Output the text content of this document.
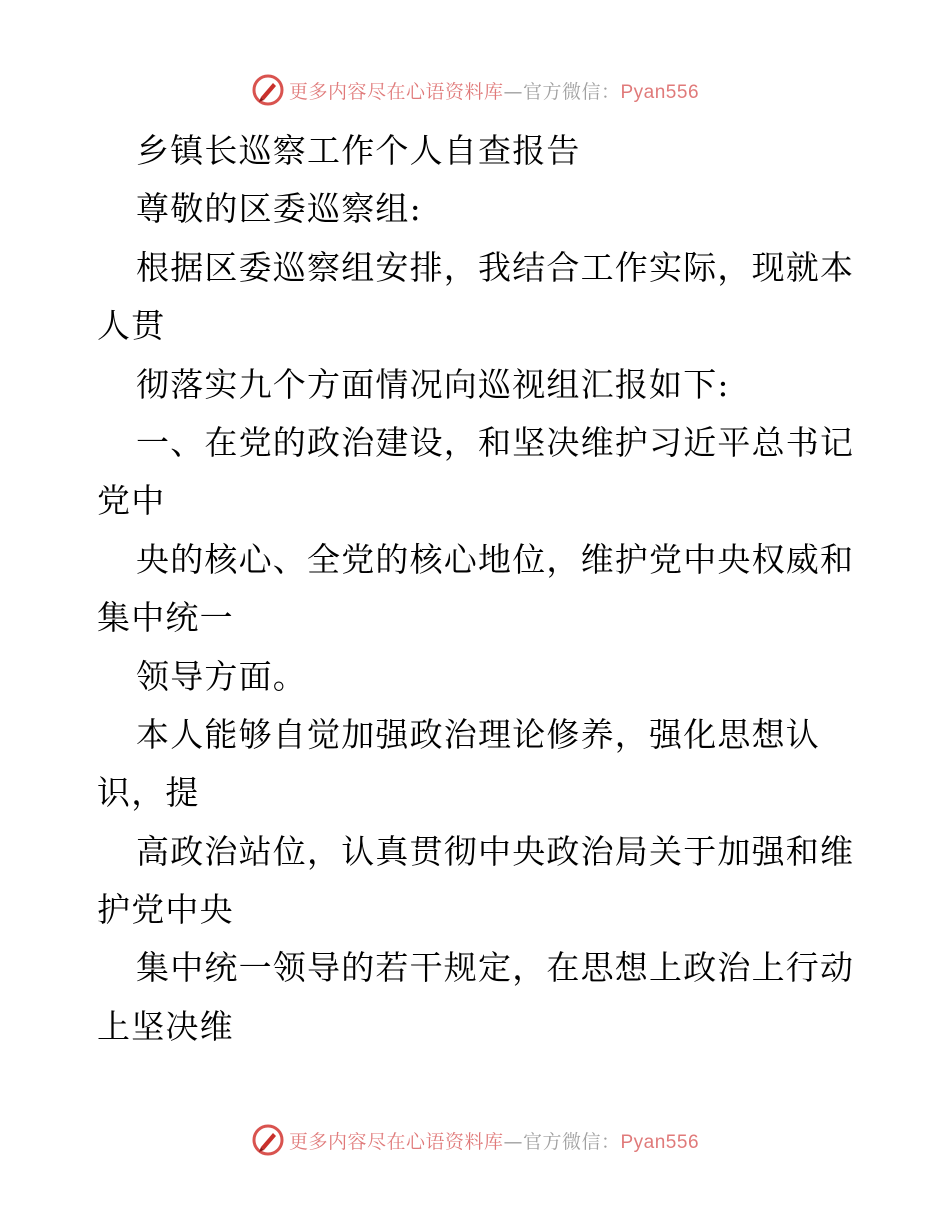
更多内容尽在心语资料库—官方微信：Pyan556
乡镇长巡察工作个人自查报告
尊敬的区委巡察组:
根据区委巡察组安排，我结合工作实际，现就本
人贯
彻落实九个方面情况向巡视组汇报如下:
一、在党的政治建设，和坚决维护习近平总书记
党中
央的核心、全党的核心地位，维护党中央权威和
集中统一
领导方面。
本人能够自觉加强政治理论修养，强化思想认
识，提
高政治站位，认真贯彻中央政治局关于加强和维
护党中央
集中统一领导的若干规定，在思想上政治上行动
上坚决维
更多内容尽在心语资料库—官方微信：Pyan556
